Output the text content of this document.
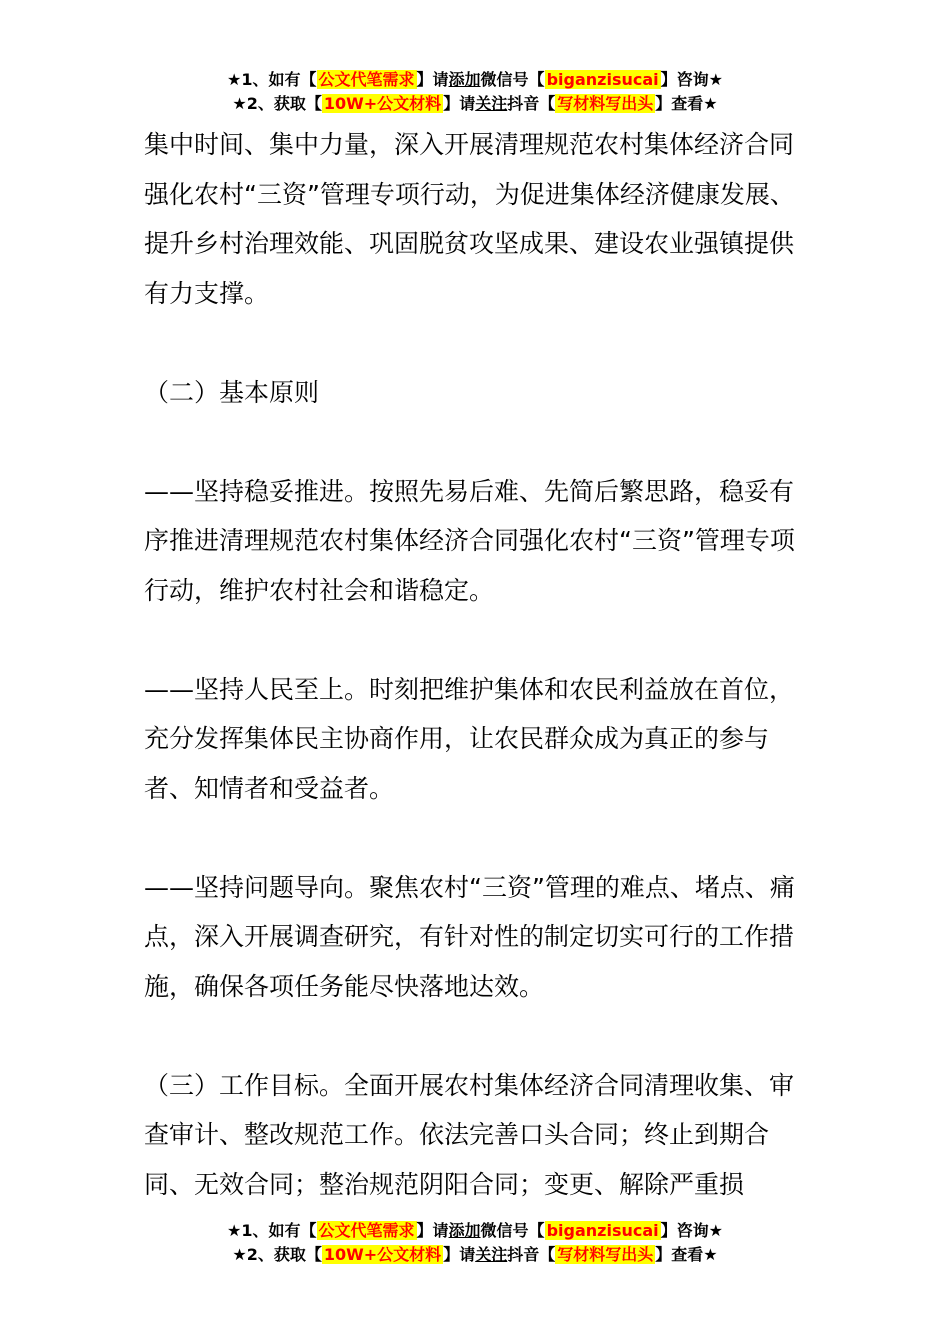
★1、如有【 公文代笔需求 】请添加微信号【 biganzisucai 】咨询★
★2、获取【 10W+公文材料 】请关注抖音【 写材料写出头 】查看★

集中时间、集中力量，深入开展清理规范农村集体经济合同强化农村“三资”管理专项行动，为促进集体经济健康发展、提升乡村治理效能、巩固脱贫攻坚成果、建设农业强镇提供有力支撑。

（二）基本原则

——坚持稳妥推进。按照先易后难、先简后繁思路，稳妥有序推进清理规范农村集体经济合同强化农村“三资”管理专项行动，维护农村社会和谐稳定。

——坚持人民至上。时刻把维护集体和农民利益放在首位，充分发挥集体民主协商作用，让农民群众成为真正的参与者、知情者和受益者。

——坚持问题导向。聚焦农村“三资”管理的难点、堵点、痛点，深入开展调查研究，有针对性的制定切实可行的工作措施，确保各项任务能尽快落地达效。

（三）工作目标。全面开展农村集体经济合同清理收集、审查审计、整改规范工作。依法完善口头合同；终止到期合同、无效合同；整治规范阴阳合同；变更、解除严重损

★1、如有【 公文代笔需求 】请添加微信号【 biganzisucai 】咨询★
★2、获取【 10W+公文材料 】请关注抖音【 写材料写出头 】查看★
